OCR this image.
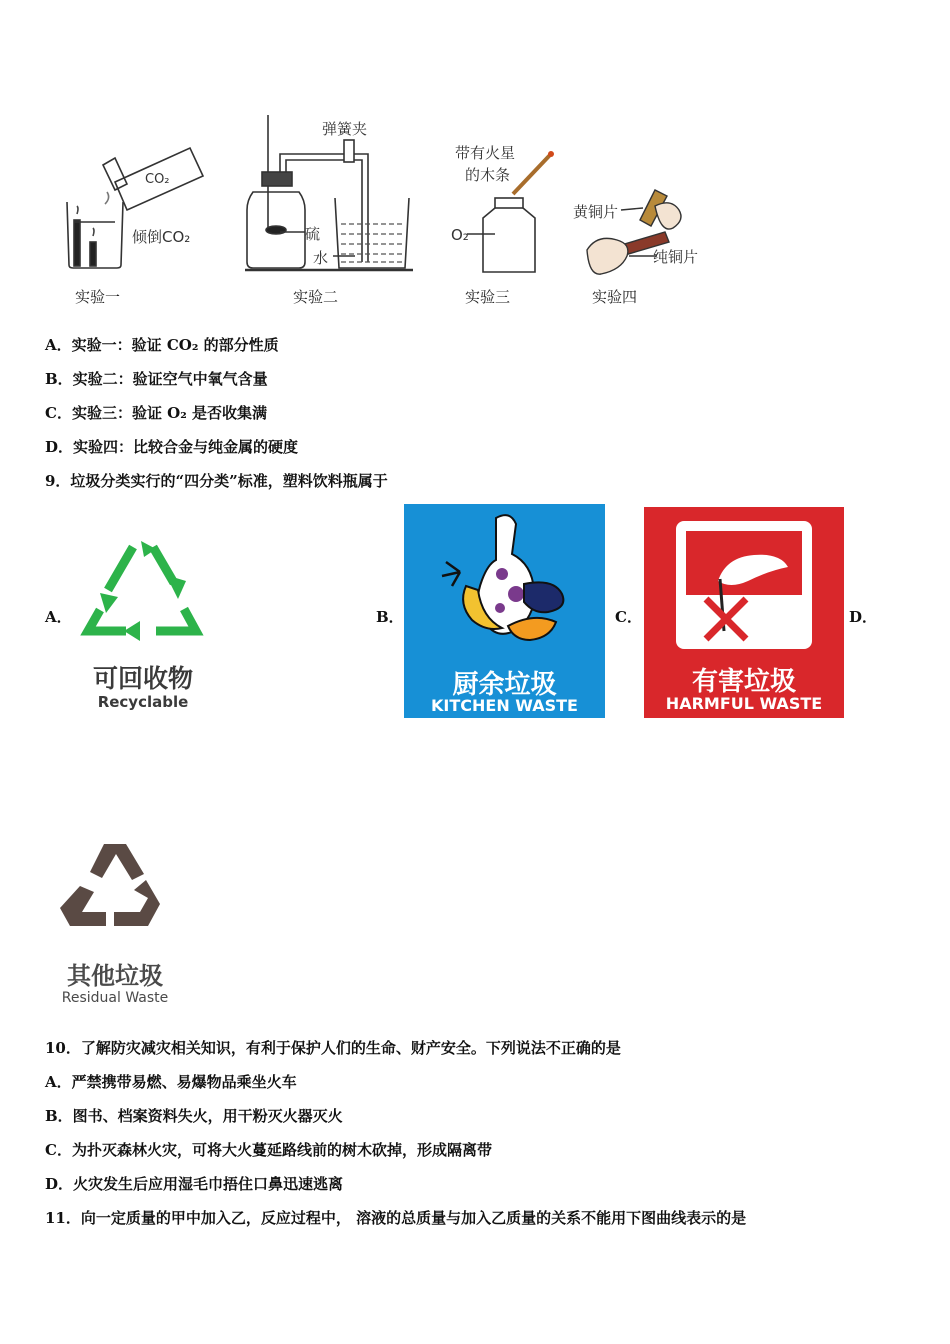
CO₂
倾倒CO₂
弹簧夹
硫
水
带有火星
的木条
O₂
黄铜片
纯铜片
实验一	实验二	实验三	实验四
A．实验一：验证 CO₂ 的部分性质
B．实验二：验证空气中氧气含量
C．实验三：验证 O₂ 是否收集满
D．实验四：比较合金与纯金属的硬度
9．垃圾分类实行的“四分类”标准，塑料饮料瓶属于
A．	B．	C．	D．
可回收物
Recyclable
厨余垃圾
KITCHEN WASTE
有害垃圾
HARMFUL WASTE
其他垃圾
Residual Waste
10．了解防灾减灾相关知识，有利于保护人们的生命、财产安全。下列说法不正确的是
A．严禁携带易燃、易爆物品乘坐火车
B．图书、档案资料失火，用干粉灭火器灭火
C．为扑灭森林火灾，可将大火蔓延路线前的树木砍掉，形成隔离带
D．火灾发生后应用湿毛巾捂住口鼻迅速逃离
11．向一定质量的甲中加入乙，反应过程中， 溶液的总质量与加入乙质量的关系不能用下图曲线表示的是
